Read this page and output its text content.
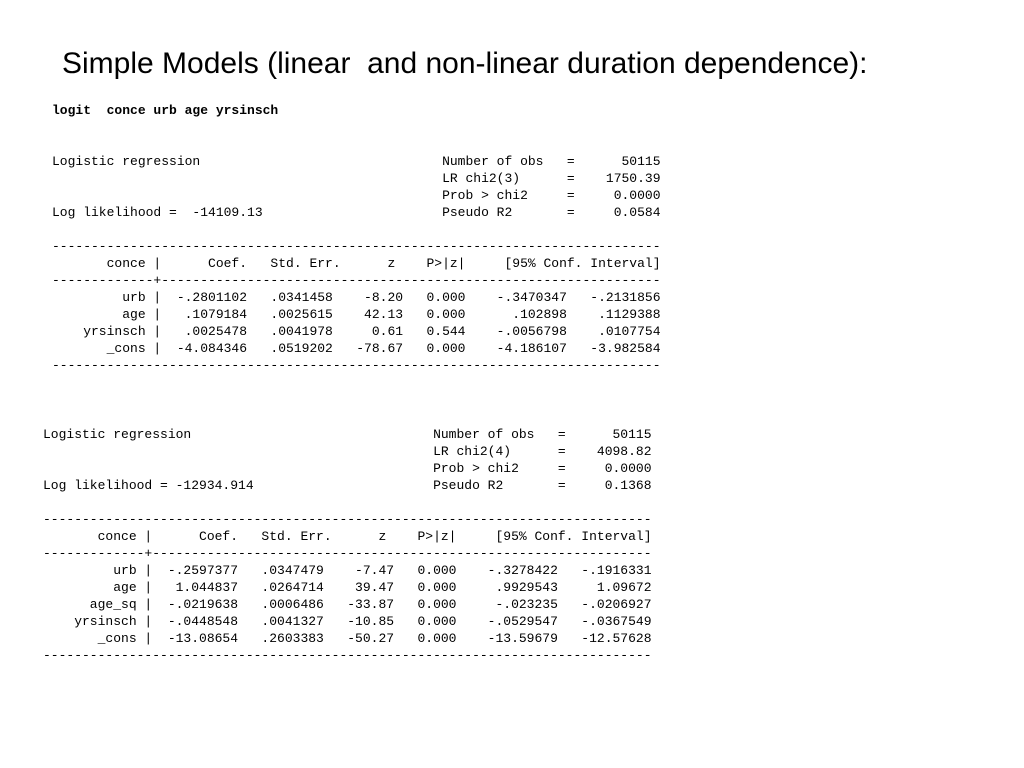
Simple Models (linear  and non-linear duration dependence):
logit  conce urb age yrsinsch
Logistic regression                               Number of obs   =      50115
LR chi2(3)      =    1750.39
Prob > chi2     =     0.0000
Log likelihood =  -14109.13                       Pseudo R2       =     0.0584
------------------------------------------------------------------------------
conce |      Coef.   Std. Err.      z    P>|z|     [95% Conf. Interval]
-------------+----------------------------------------------------------------
urb |  -.2801102   .0341458    -8.20   0.000    -.3470347   -.2131856
age |   .1079184   .0025615    42.13   0.000      .102898    .1129388
yrsinsch |   .0025478   .0041978     0.61   0.544    -.0056798    .0107754
_cons |  -4.084346   .0519202   -78.67   0.000    -4.186107   -3.982584
------------------------------------------------------------------------------
Logistic regression                               Number of obs   =      50115
LR chi2(4)      =    4098.82
Prob > chi2     =     0.0000
Log likelihood = -12934.914                       Pseudo R2       =     0.1368
------------------------------------------------------------------------------
conce |      Coef.   Std. Err.      z    P>|z|     [95% Conf. Interval]
-------------+----------------------------------------------------------------
urb |  -.2597377   .0347479    -7.47   0.000    -.3278422   -.1916331
age |   1.044837   .0264714    39.47   0.000     .9929543     1.09672
age_sq |  -.0219638   .0006486   -33.87   0.000     -.023235   -.0206927
yrsinsch |  -.0448548   .0041327   -10.85   0.000    -.0529547   -.0367549
_cons |  -13.08654   .2603383   -50.27   0.000    -13.59679   -12.57628
------------------------------------------------------------------------------
